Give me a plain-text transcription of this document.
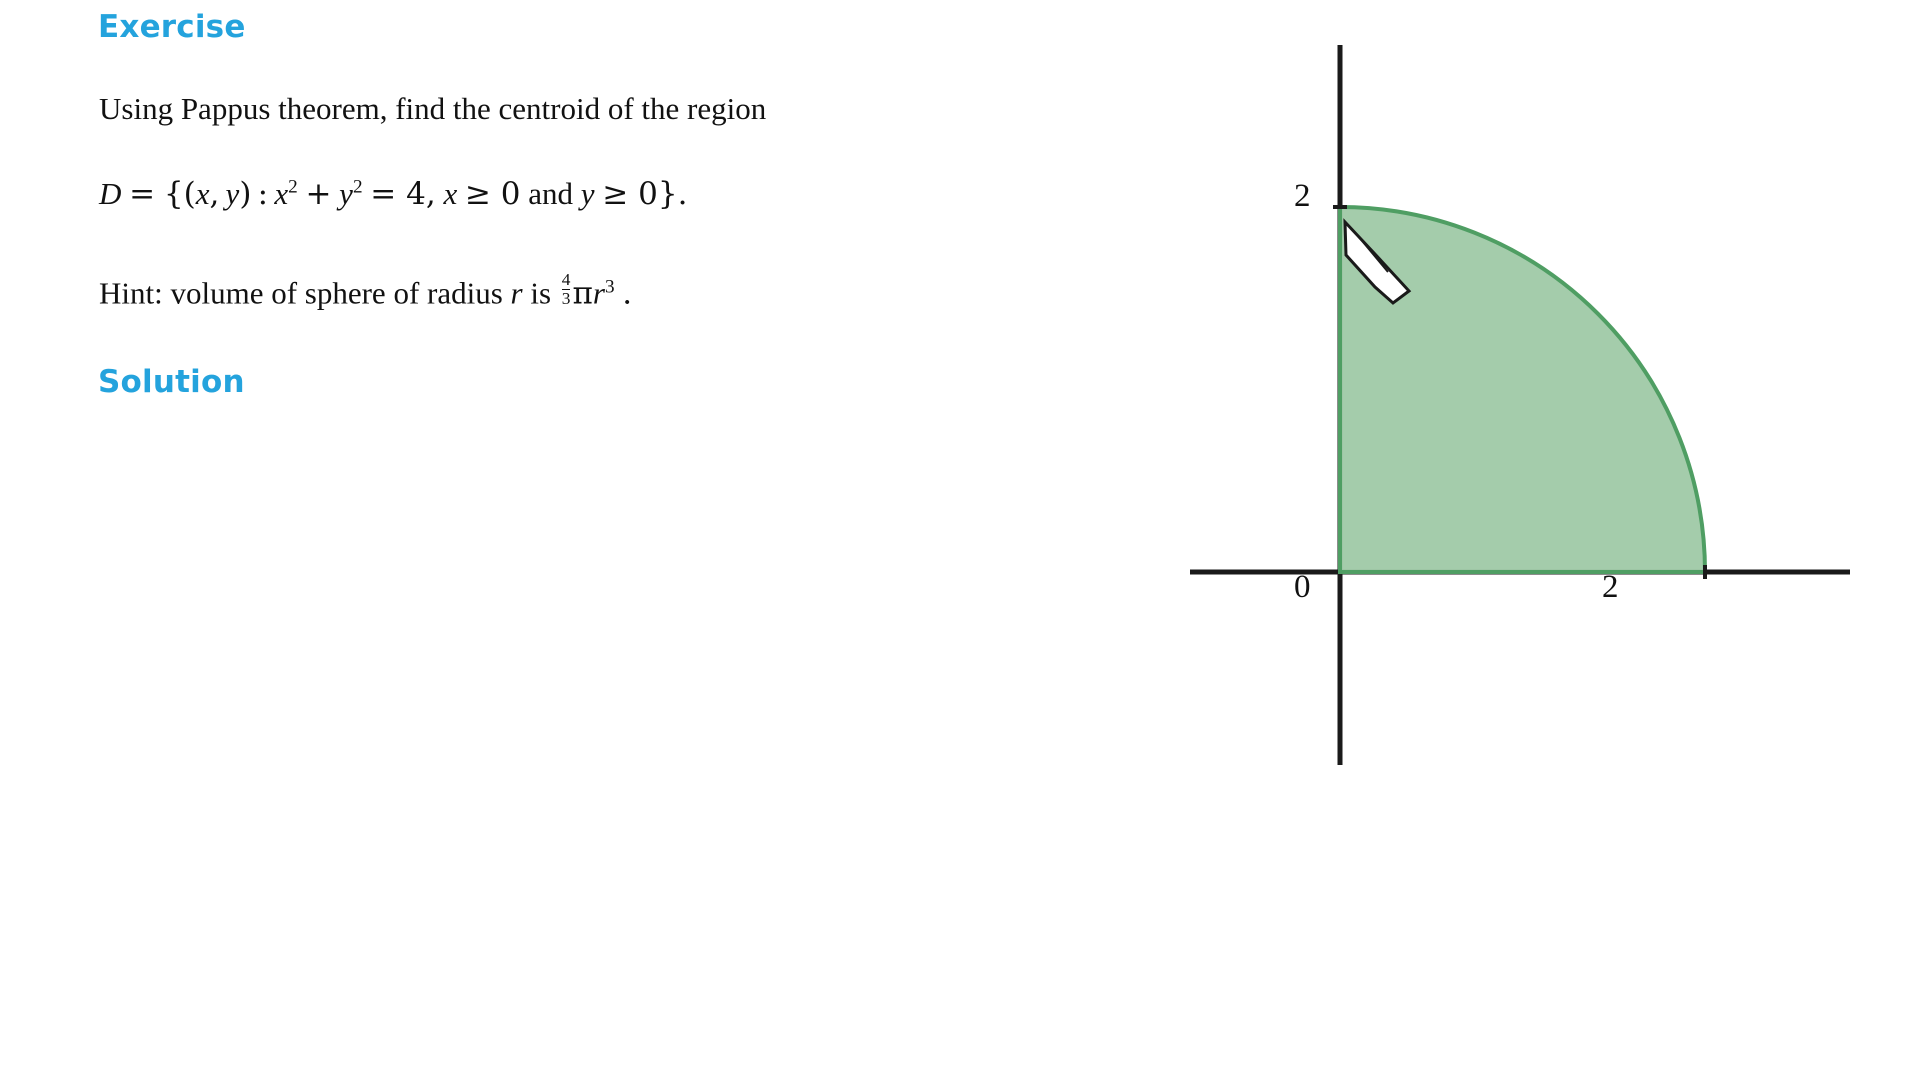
Exercise
Using Pappus theorem, find the centroid of the region
D = {(x,  y)  :  $x^2 + y^2 = 4$, x ≥ 0 and y ≥ 0}.
Hint: volume of sphere of radius r is $\frac{4}{3} \pi r^3$ .
Solution
2
0	2
